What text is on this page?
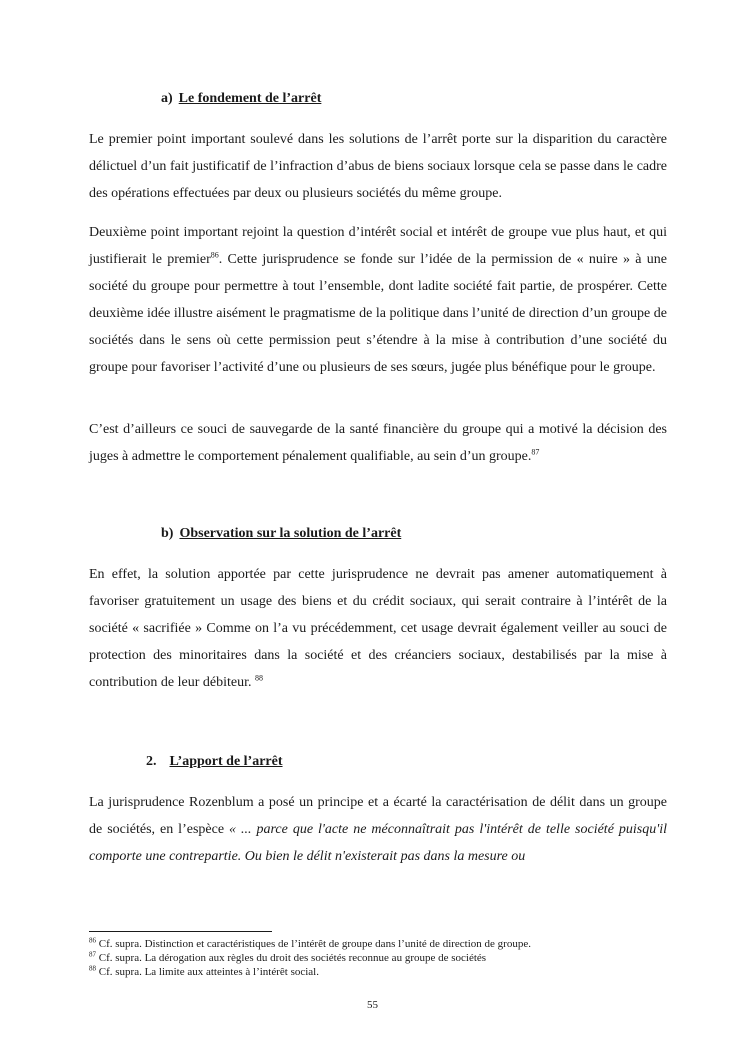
a) Le fondement de l’arrêt

Le premier point important soulevé dans les solutions de l’arrêt porte sur la disparition du caractère délictuel d’un fait justificatif de l’infraction d’abus de biens sociaux lorsque cela se passe dans le cadre des opérations effectuées par deux ou plusieurs sociétés du même groupe.

Deuxième point important rejoint la question d’intérêt social et intérêt de groupe vue plus haut, et qui justifierait le premier$^{86}$. Cette jurisprudence se fonde sur l’idée de la permission de « nuire » à une société du groupe pour permettre à tout l’ensemble, dont ladite société fait partie, de prospérer. Cette deuxième idée illustre aisément le pragmatisme de la politique dans l’unité de direction d’un groupe de sociétés dans le sens où cette permission peut s’étendre à la mise à contribution d’une société du groupe pour favoriser l’activité d’une ou plusieurs de ses sœurs, jugée plus bénéfique pour le groupe.

C’est d’ailleurs ce souci de sauvegarde de la santé financière du groupe qui a motivé la décision des juges à admettre le comportement pénalement qualifiable, au sein d’un groupe.$^{87}$

b) Observation sur la solution de l’arrêt

En effet, la solution apportée par cette jurisprudence ne devrait pas amener automatiquement à favoriser gratuitement un usage des biens et du crédit sociaux, qui serait contraire à l’intérêt de la société « sacrifiée » Comme on l’a vu précédemment, cet usage devrait également veiller au souci de protection des minoritaires dans la société et des créanciers sociaux, destabilisés par la mise à contribution de leur débiteur. $^{88}$

2. L’apport de l’arrêt

La jurisprudence Rozenblum a posé un principe et a écarté la caractérisation de délit dans un groupe de sociétés, en l’espèce « ... parce que l'acte ne méconnaîtrait pas l'intérêt de telle société puisqu'il comporte une contrepartie. Ou bien le délit n'existerait pas dans la mesure ou

$^{86}$ Cf. supra. Distinction et caractéristiques de l’intérêt de groupe dans l’unité de direction de groupe.
$^{87}$ Cf. supra. La dérogation aux règles du droit des sociétés reconnue au groupe de sociétés
$^{88}$ Cf. supra. La limite aux atteintes à l’intérêt social.
55
